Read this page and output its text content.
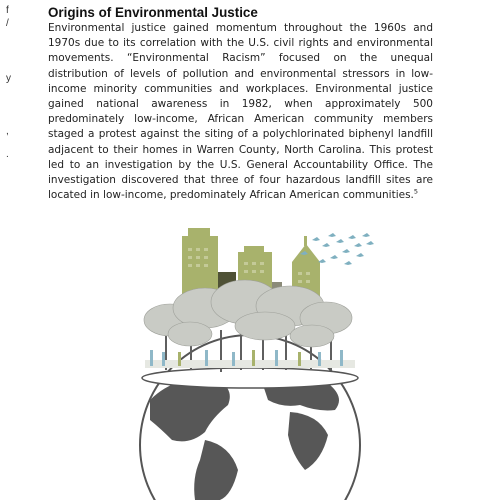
f
/
y
,
.
Origins of Environmental Justice

Environmental justice gained momentum throughout the 1960s and 1970s due to its correlation with the U.S. civil rights and environmental movements. “Environmental Racism” focused on the unequal distribution of levels of pollution and environmental stressors in low-income minority communities and workplaces. Environmental justice gained national awareness in 1982, when approximately 500 predominately low-income, African American community members staged a protest against the siting of a polychlorinated biphenyl landfill adjacent to their homes in Warren County, North Carolina. This protest led to an investigation by the U.S. General Accountability Office. The investigation discovered that three of four hazardous landfill sites are located in low-income, predominately African American communities.$^5$
